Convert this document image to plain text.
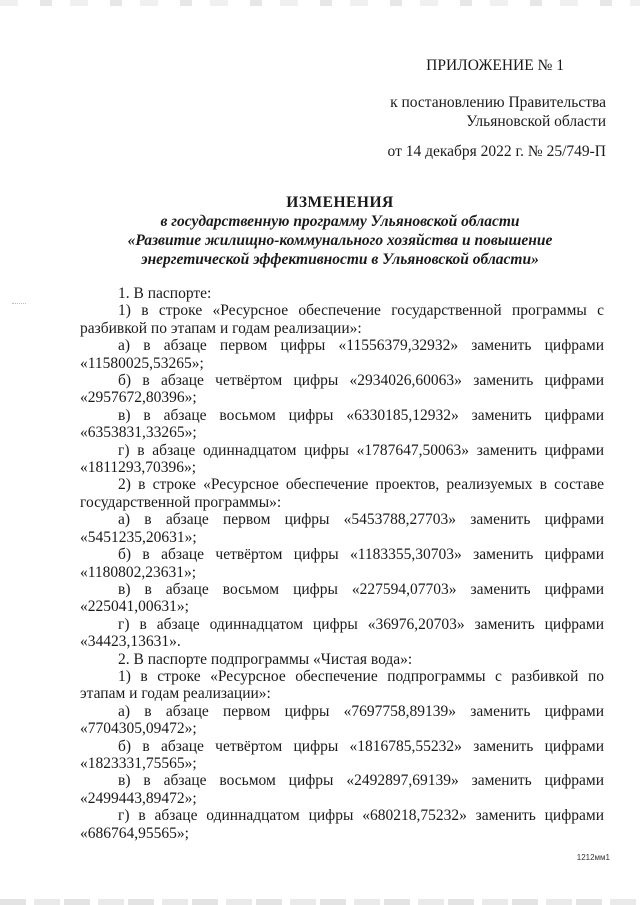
ПРИЛОЖЕНИЕ № 1
к постановлению Правительства
Ульяновской области
от 14 декабря 2022 г. № 25/749-П
ИЗМЕНЕНИЯ
в государственную программу Ульяновской области
«Развитие жилищно-коммунального хозяйства и повышение
энергетической эффективности в Ульяновской области»
1. В паспорте:
1) в строке «Ресурсное обеспечение государственной программы с разбивкой по этапам и годам реализации»:
а) в абзаце первом цифры «11556379,32932» заменить цифрами
«11580025,53265»;
б) в абзаце четвёртом цифры «2934026,60063» заменить цифрами
«2957672,80396»;
в) в абзаце восьмом цифры «6330185,12932» заменить цифрами
«6353831,33265»;
г) в абзаце одиннадцатом цифры «1787647,50063» заменить цифрами
«1811293,70396»;
2) в строке «Ресурсное обеспечение проектов, реализуемых в составе государственной программы»:
а) в абзаце первом цифры «5453788,27703» заменить цифрами
«5451235,20631»;
б) в абзаце четвёртом цифры «1183355,30703» заменить цифрами
«1180802,23631»;
в) в абзаце восьмом цифры «227594,07703» заменить цифрами
«225041,00631»;
г) в абзаце одиннадцатом цифры «36976,20703» заменить цифрами
«34423,13631».
2. В паспорте подпрограммы «Чистая вода»:
1) в строке «Ресурсное обеспечение подпрограммы с разбивкой по этапам и годам реализации»:
а) в абзаце первом цифры «7697758,89139» заменить цифрами
«7704305,09472»;
б) в абзаце четвёртом цифры «1816785,55232» заменить цифрами
«1823331,75565»;
в) в абзаце восьмом цифры «2492897,69139» заменить цифрами
«2499443,89472»;
г) в абзаце одиннадцатом цифры «680218,75232» заменить цифрами
«686764,95565»;
1212мм1
